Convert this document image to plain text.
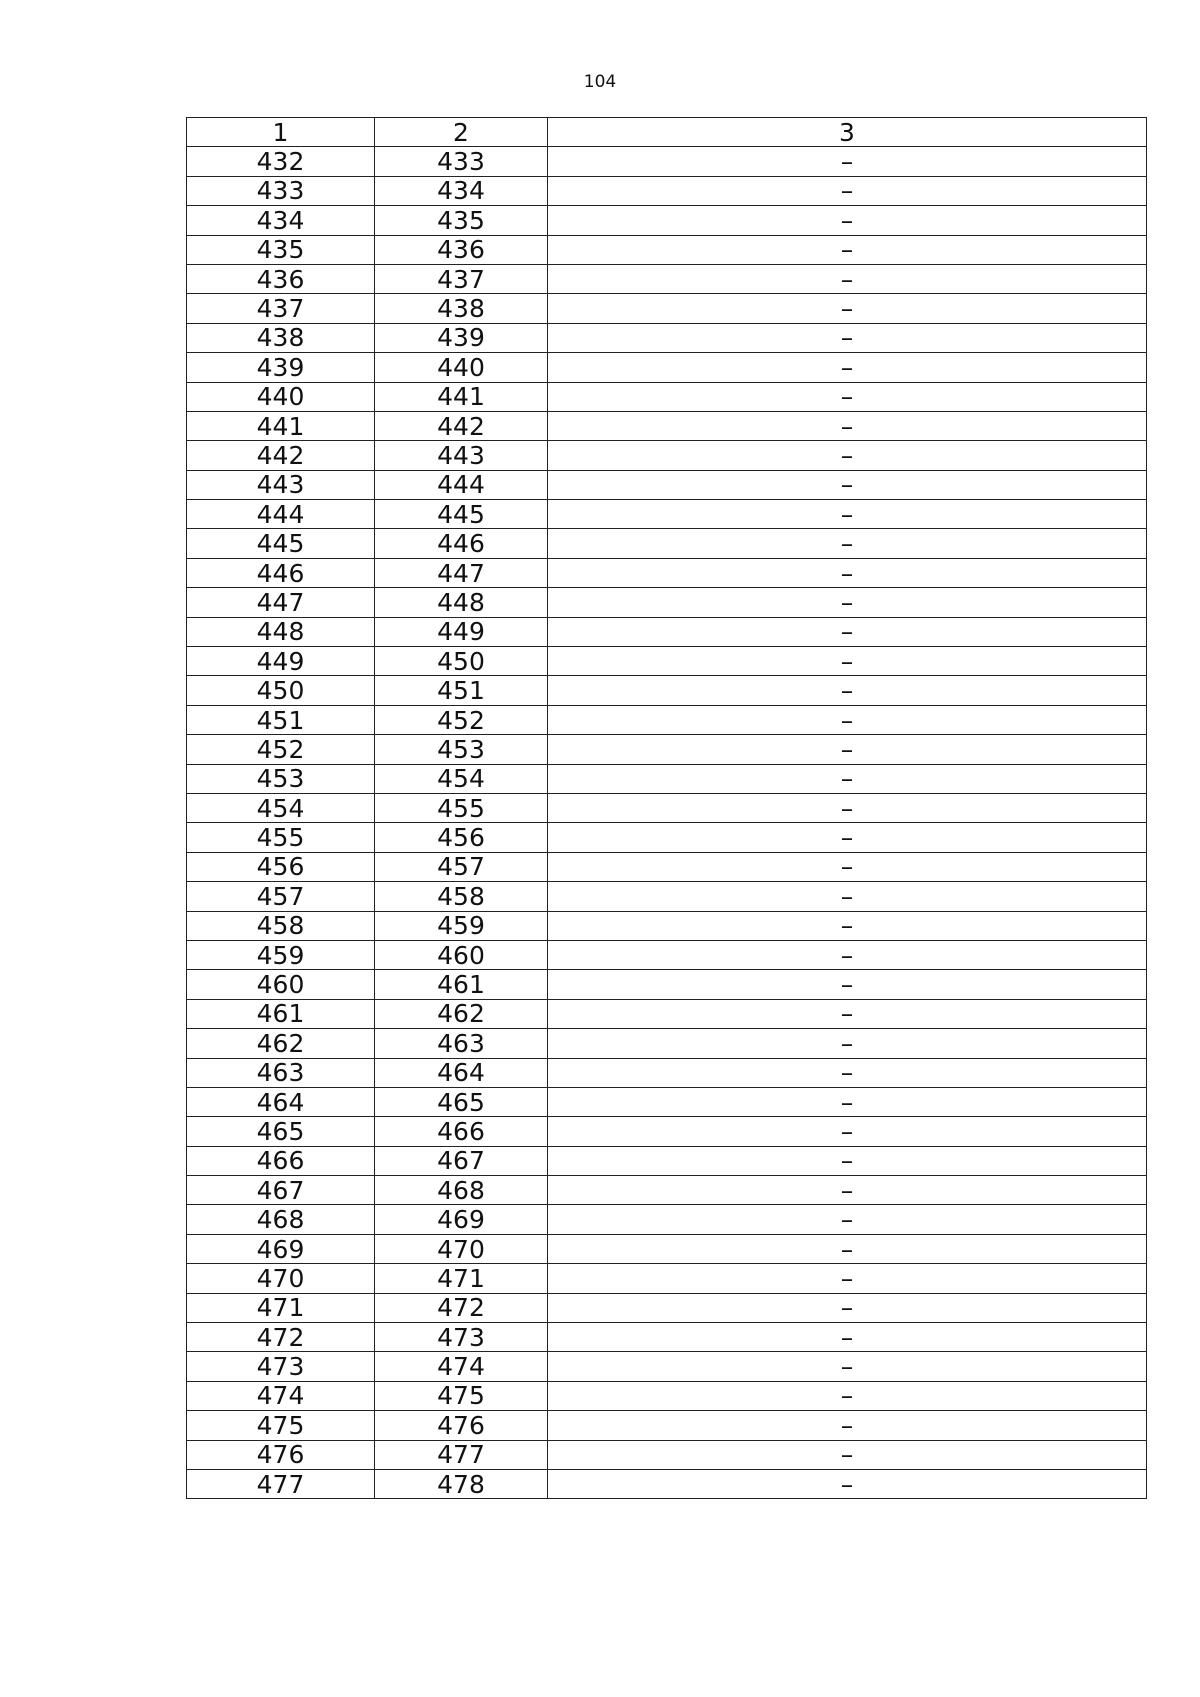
104
1	2	3
432	433	–
433	434	–
434	435	–
435	436	–
436	437	–
437	438	–
438	439	–
439	440	–
440	441	–
441	442	–
442	443	–
443	444	–
444	445	–
445	446	–
446	447	–
447	448	–
448	449	–
449	450	–
450	451	–
451	452	–
452	453	–
453	454	–
454	455	–
455	456	–
456	457	–
457	458	–
458	459	–
459	460	–
460	461	–
461	462	–
462	463	–
463	464	–
464	465	–
465	466	–
466	467	–
467	468	–
468	469	–
469	470	–
470	471	–
471	472	–
472	473	–
473	474	–
474	475	–
475	476	–
476	477	–
477	478	–
